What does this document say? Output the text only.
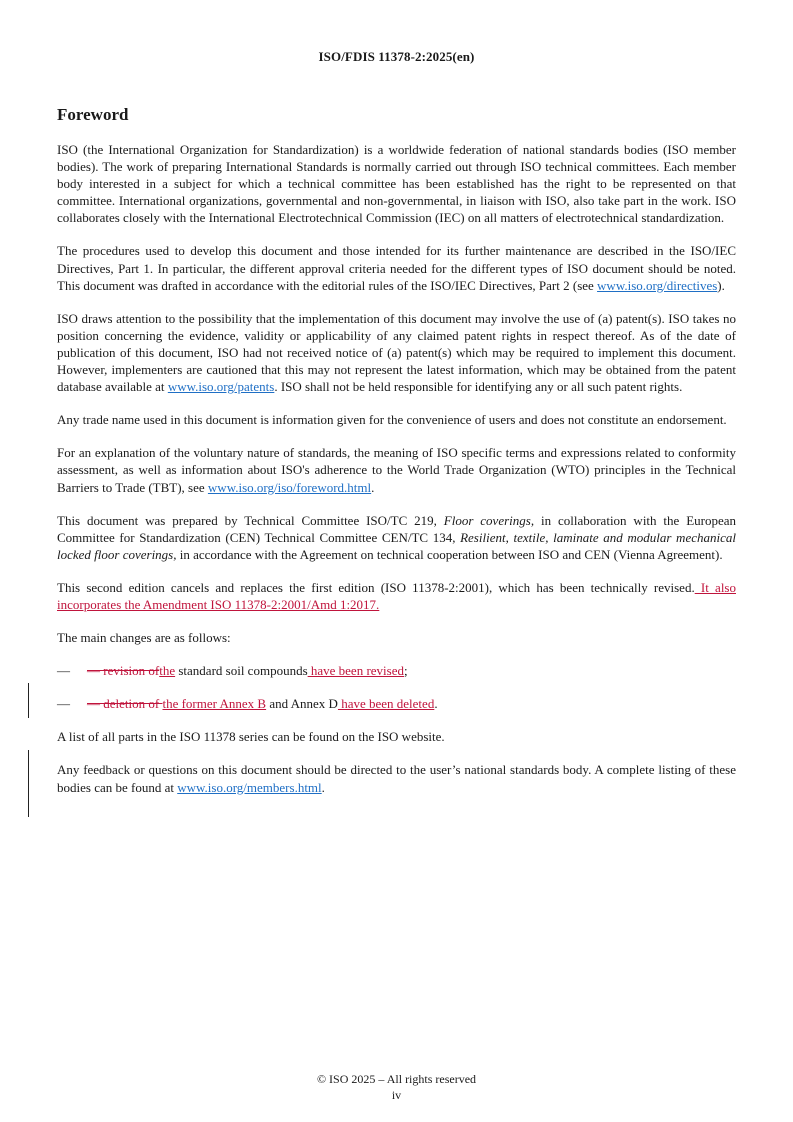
ISO/FDIS 11378-2:2025(en)
Foreword

ISO (the International Organization for Standardization) is a worldwide federation of national standards bodies (ISO member bodies). The work of preparing International Standards is normally carried out through ISO technical committees. Each member body interested in a subject for which a technical committee has been established has the right to be represented on that committee. International organizations, governmental and non-governmental, in liaison with ISO, also take part in the work. ISO collaborates closely with the International Electrotechnical Commission (IEC) on all matters of electrotechnical standardization.

The procedures used to develop this document and those intended for its further maintenance are described in the ISO/IEC Directives, Part 1. In particular, the different approval criteria needed for the different types of ISO document should be noted. This document was drafted in accordance with the editorial rules of the ISO/IEC Directives, Part 2 (see www.iso.org/directives).

ISO draws attention to the possibility that the implementation of this document may involve the use of (a) patent(s). ISO takes no position concerning the evidence, validity or applicability of any claimed patent rights in respect thereof. As of the date of publication of this document, ISO had not received notice of (a) patent(s) which may be required to implement this document. However, implementers are cautioned that this may not represent the latest information, which may be obtained from the patent database available at www.iso.org/patents. ISO shall not be held responsible for identifying any or all such patent rights.

Any trade name used in this document is information given for the convenience of users and does not constitute an endorsement.

For an explanation of the voluntary nature of standards, the meaning of ISO specific terms and expressions related to conformity assessment, as well as information about ISO's adherence to the World Trade Organization (WTO) principles in the Technical Barriers to Trade (TBT), see www.iso.org/iso/foreword.html.

This document was prepared by Technical Committee ISO/TC 219, Floor coverings, in collaboration with the European Committee for Standardization (CEN) Technical Committee CEN/TC 134, Resilient, textile, laminate and modular mechanical locked floor coverings, in accordance with the Agreement on technical cooperation between ISO and CEN (Vienna Agreement).

This second edition cancels and replaces the first edition (ISO 11378-2:2001), which has been technically revised. It also incorporates the Amendment ISO 11378-2:2001/Amd 1:2017.

The main changes are as follows:

—	— revision ofthe standard soil compounds have been revised;
—	— deletion of the former Annex B and Annex D have been deleted.

A list of all parts in the ISO 11378 series can be found on the ISO website.

Any feedback or questions on this document should be directed to the user’s national standards body. A complete listing of these bodies can be found at www.iso.org/members.html.

© ISO 2025 – All rights reserved
iv
